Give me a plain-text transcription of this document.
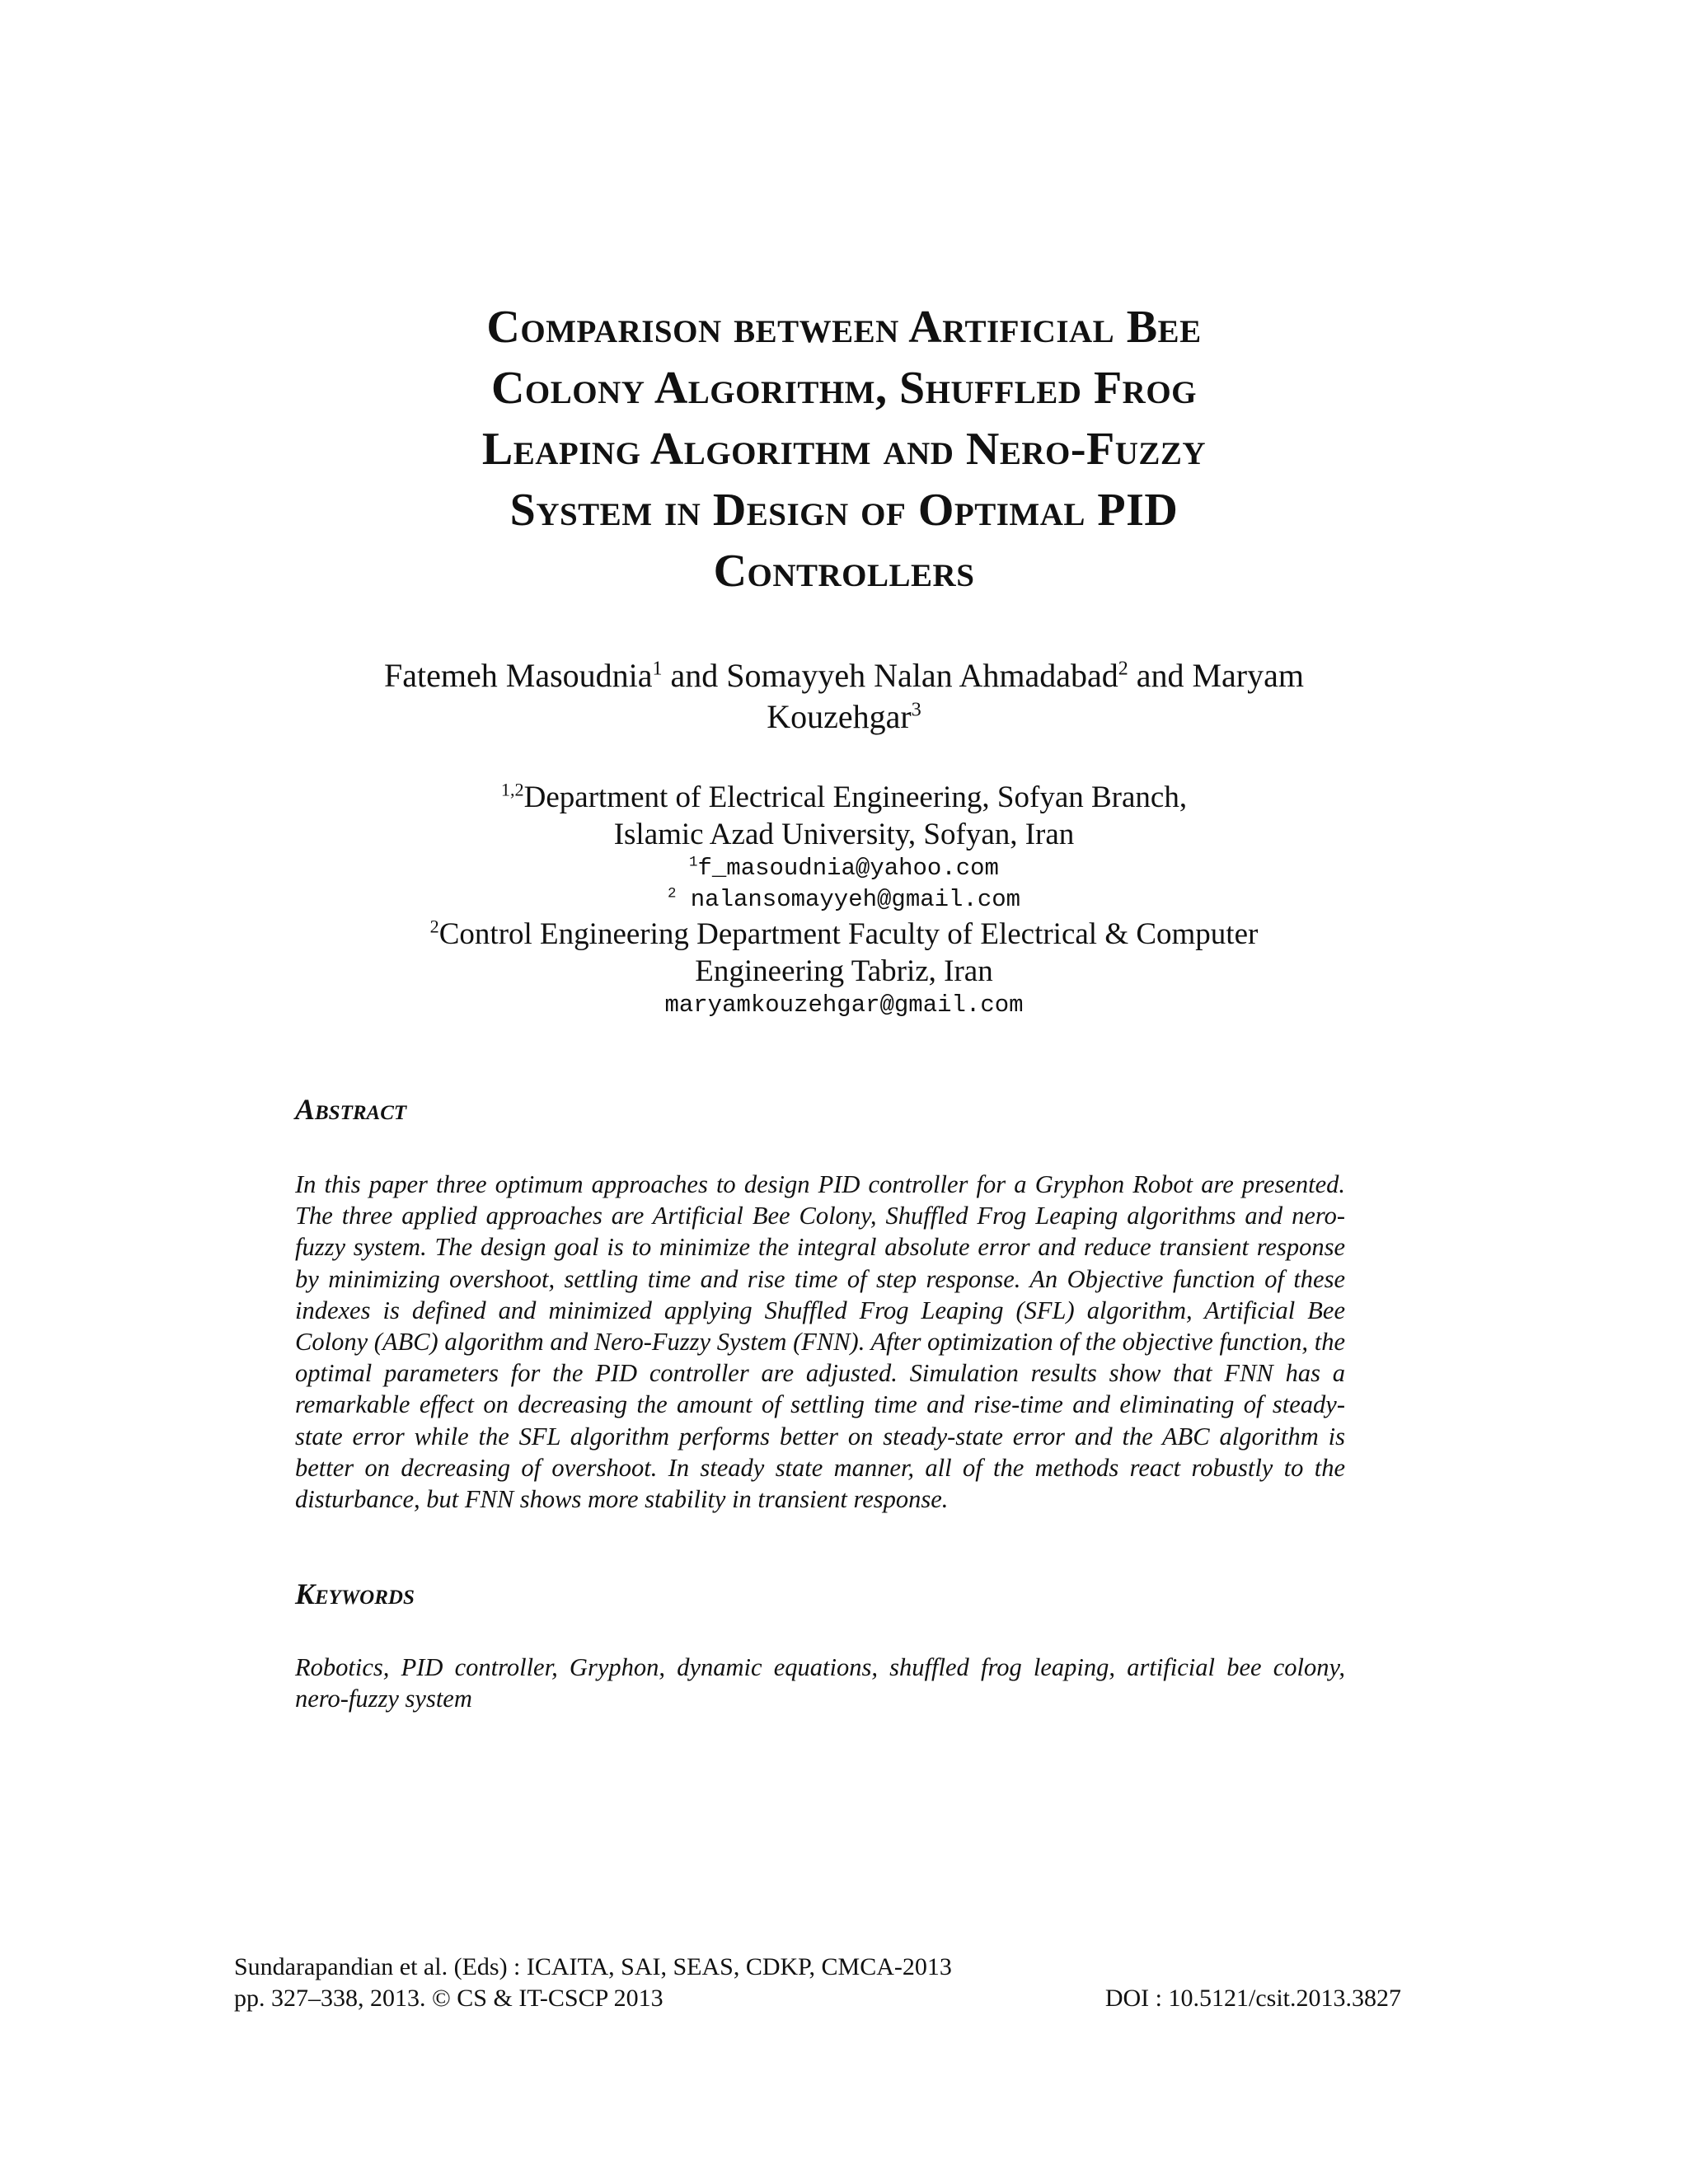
Comparison between Artificial Bee
Colony Algorithm, Shuffled Frog
Leaping Algorithm and Nero-Fuzzy
System in Design of Optimal PID
Controllers
Fatemeh Masoudnia$^1$ and Somayyeh Nalan Ahmadabad$^2$ and Maryam
Kouzehgar$^3$
$^{1,2}$Department of Electrical Engineering, Sofyan Branch,
Islamic Azad University, Sofyan, Iran
$^1$f_masoudnia@yahoo.com
$^2$ nalansomayyeh@gmail.com
$^2$Control Engineering Department Faculty of Electrical & Computer
Engineering Tabriz, Iran
maryamkouzehgar@gmail.com
Abstract
In this paper three optimum approaches to design PID controller for a Gryphon Robot are presented. The three applied approaches are Artificial Bee Colony, Shuffled Frog Leaping algorithms and nero-fuzzy system. The design goal is to minimize the integral absolute error and reduce transient response by minimizing overshoot, settling time and rise time of step response. An Objective function of these indexes is defined and minimized applying Shuffled Frog Leaping (SFL) algorithm, Artificial Bee Colony (ABC) algorithm and Nero-Fuzzy System (FNN). After optimization of the objective function, the optimal parameters for the PID controller are adjusted. Simulation results show that FNN has a remarkable effect on decreasing the amount of settling time and rise-time and eliminating of steady-state error while the SFL algorithm performs better on steady-state error and the ABC algorithm is better on decreasing of overshoot. In steady state manner, all of the methods react robustly to the disturbance, but FNN shows more stability in transient response.
Keywords
Robotics, PID controller, Gryphon, dynamic equations, shuffled frog leaping, artificial bee colony, nero-fuzzy system
Sundarapandian et al. (Eds) : ICAITA, SAI, SEAS, CDKP, CMCA-2013
pp. 327–338, 2013. © CS & IT-CSCP 2013	DOI : 10.5121/csit.2013.3827
